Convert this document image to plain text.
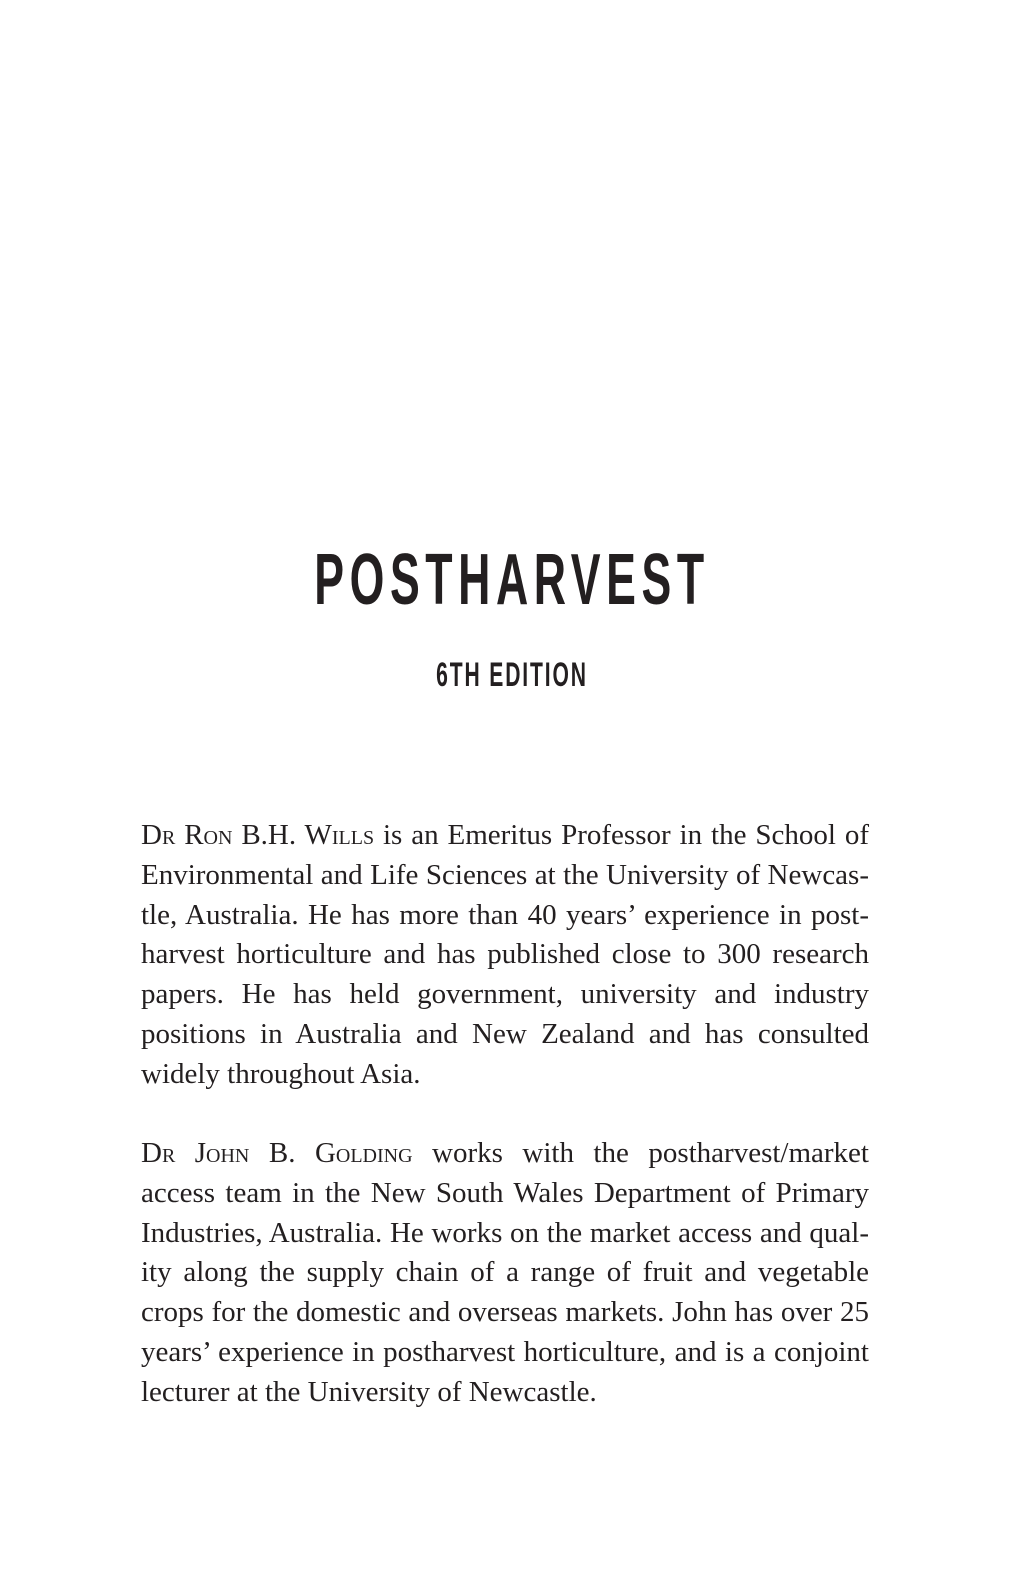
POSTHARVEST
6TH EDITION
Dr Ron B.H. Wills is an Emeritus Professor in the School of
Environmental and Life Sciences at the University of Newcas-
tle, Australia. He has more than 40 years’ experience in post-
harvest horticulture and has published close to 300 research
papers. He has held government, university and industry
positions in Australia and New Zealand and has consulted
widely throughout Asia.
Dr John B. Golding works with the postharvest/market
access team in the New South Wales Department of Primary
Industries, Australia. He works on the market access and qual-
ity along the supply chain of a range of fruit and vegetable
crops for the domestic and overseas markets. John has over 25
years’ experience in postharvest horticulture, and is a conjoint
lecturer at the University of Newcastle.
